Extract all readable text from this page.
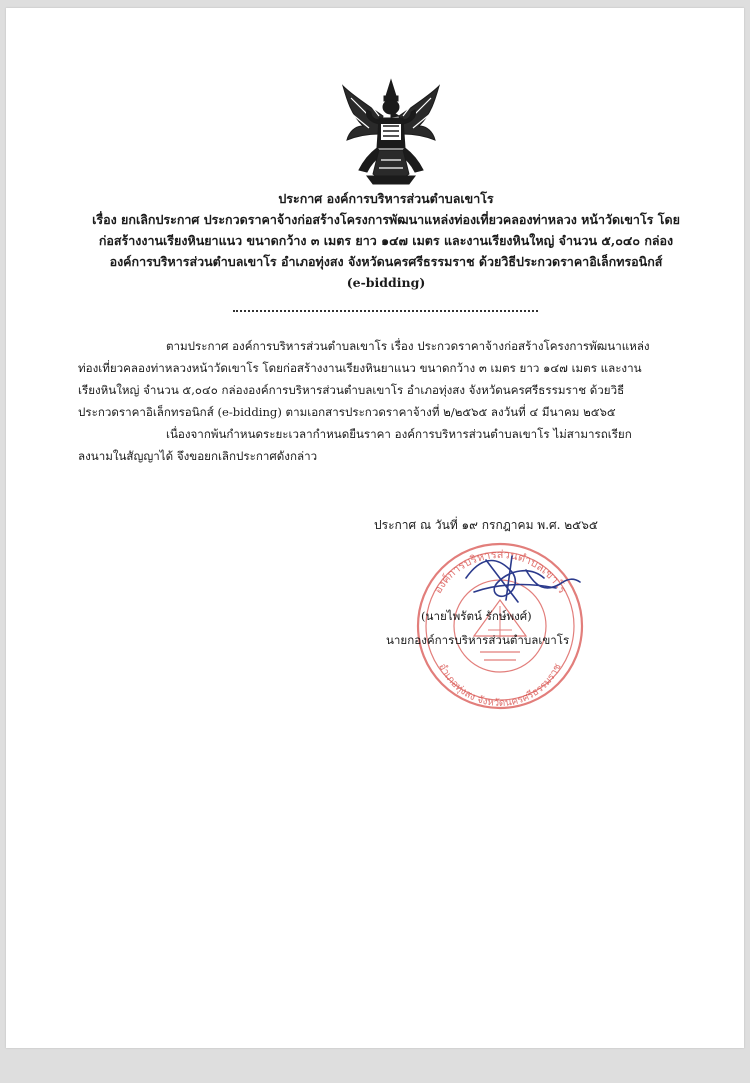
ประกาศ องค์การบริหารส่วนตำบลเขาโร
เรื่อง ยกเลิกประกาศ ประกวดราคาจ้างก่อสร้างโครงการพัฒนาแหล่งท่องเที่ยวคลองท่าหลวง หน้าวัดเขาโร โดย
ก่อสร้างงานเรียงหินยาแนว ขนาดกว้าง ๓ เมตร ยาว ๑๔๗ เมตร และงานเรียงหินใหญ่ จำนวน ๕,๐๔๐ กล่อง
องค์การบริหารส่วนตำบลเขาโร อำเภอทุ่งสง จังหวัดนครศรีธรรมราช ด้วยวิธีประกวดราคาอิเล็กทรอนิกส์
(e-bidding)
ตามประกาศ องค์การบริหารส่วนตำบลเขาโร เรื่อง ประกวดราคาจ้างก่อสร้างโครงการพัฒนาแหล่ง
ท่องเที่ยวคลองท่าหลวงหน้าวัดเขาโร โดยก่อสร้างงานเรียงหินยาแนว ขนาดกว้าง ๓ เมตร ยาว ๑๔๗ เมตร และงาน
เรียงหินใหญ่ จำนวน ๕,๐๔๐ กล่ององค์การบริหารส่วนตำบลเขาโร อำเภอทุ่งสง จังหวัดนครศรีธรรมราช ด้วยวิธี
ประกวดราคาอิเล็กทรอนิกส์ (e-bidding) ตามเอกสารประกวดราคาจ้างที่ ๒/๒๕๖๕ ลงวันที่ ๔ มีนาคม ๒๕๖๕
เนื่องจากพ้นกำหนดระยะเวลากำหนดยืนราคา องค์การบริหารส่วนตำบลเขาโร ไม่สามารถเรียก
ลงนามในสัญญาได้ จึงขอยกเลิกประกาศดังกล่าว
ประกาศ ณ วันที่ ๑๙ กรกฎาคม พ.ศ. ๒๕๖๕
องค์การบริหารส่วนตำบลเขาโร
อำเภอทุ่งสง จังหวัดนครศรีธรรมราช
(นายไพรัตน์ รักษ์พงศ์)
นายกองค์การบริหารส่วนตำบลเขาโร
